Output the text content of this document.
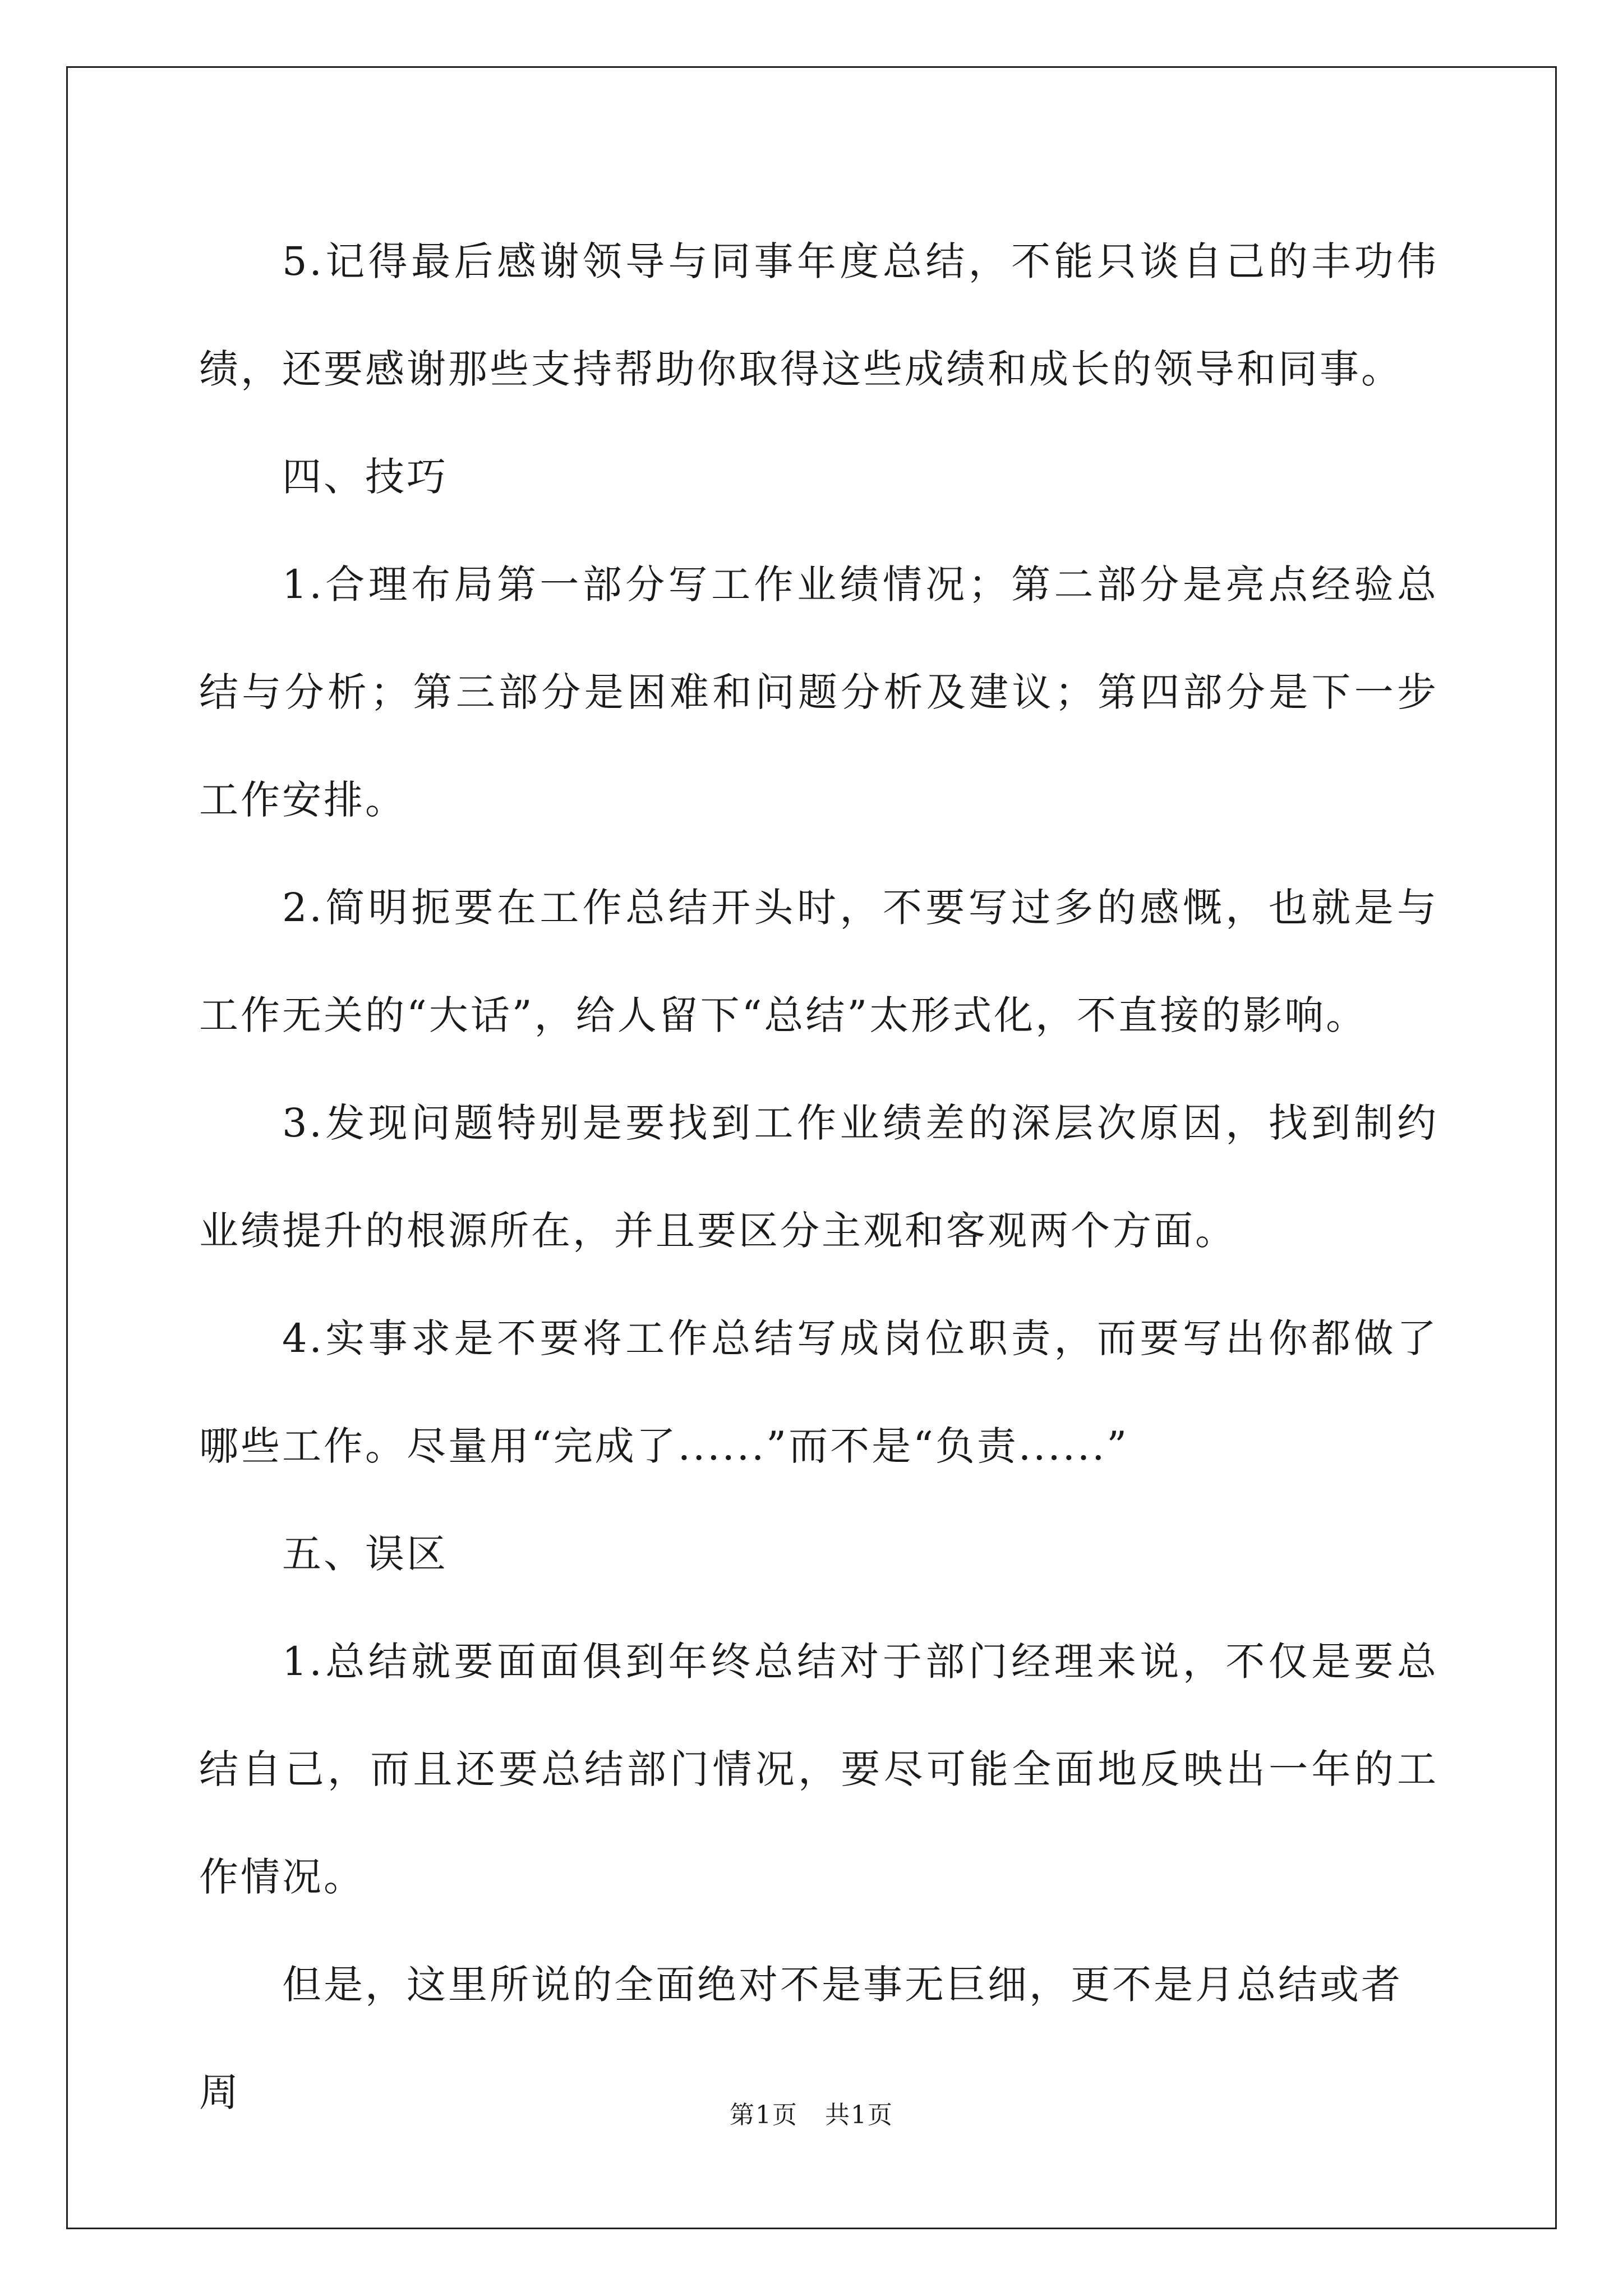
5.记得最后感谢领导与同事年度总结，不能只谈自己的丰功伟绩，还要感谢那些支持帮助你取得这些成绩和成长的领导和同事。

四、技巧

1.合理布局第一部分写工作业绩情况；第二部分是亮点经验总结与分析；第三部分是困难和问题分析及建议；第四部分是下一步工作安排。

2.简明扼要在工作总结开头时，不要写过多的感慨，也就是与工作无关的“大话”，给人留下“总结”太形式化，不直接的影响。

3.发现问题特别是要找到工作业绩差的深层次原因，找到制约业绩提升的根源所在，并且要区分主观和客观两个方面。

4.实事求是不要将工作总结写成岗位职责，而要写出你都做了哪些工作。尽量用“完成了......”而不是“负责......”

五、误区

1.总结就要面面俱到年终总结对于部门经理来说，不仅是要总结自己，而且还要总结部门情况，要尽可能全面地反映出一年的工作情况。

但是，这里所说的全面绝对不是事无巨细，更不是月总结或者周	第1页 共1页
